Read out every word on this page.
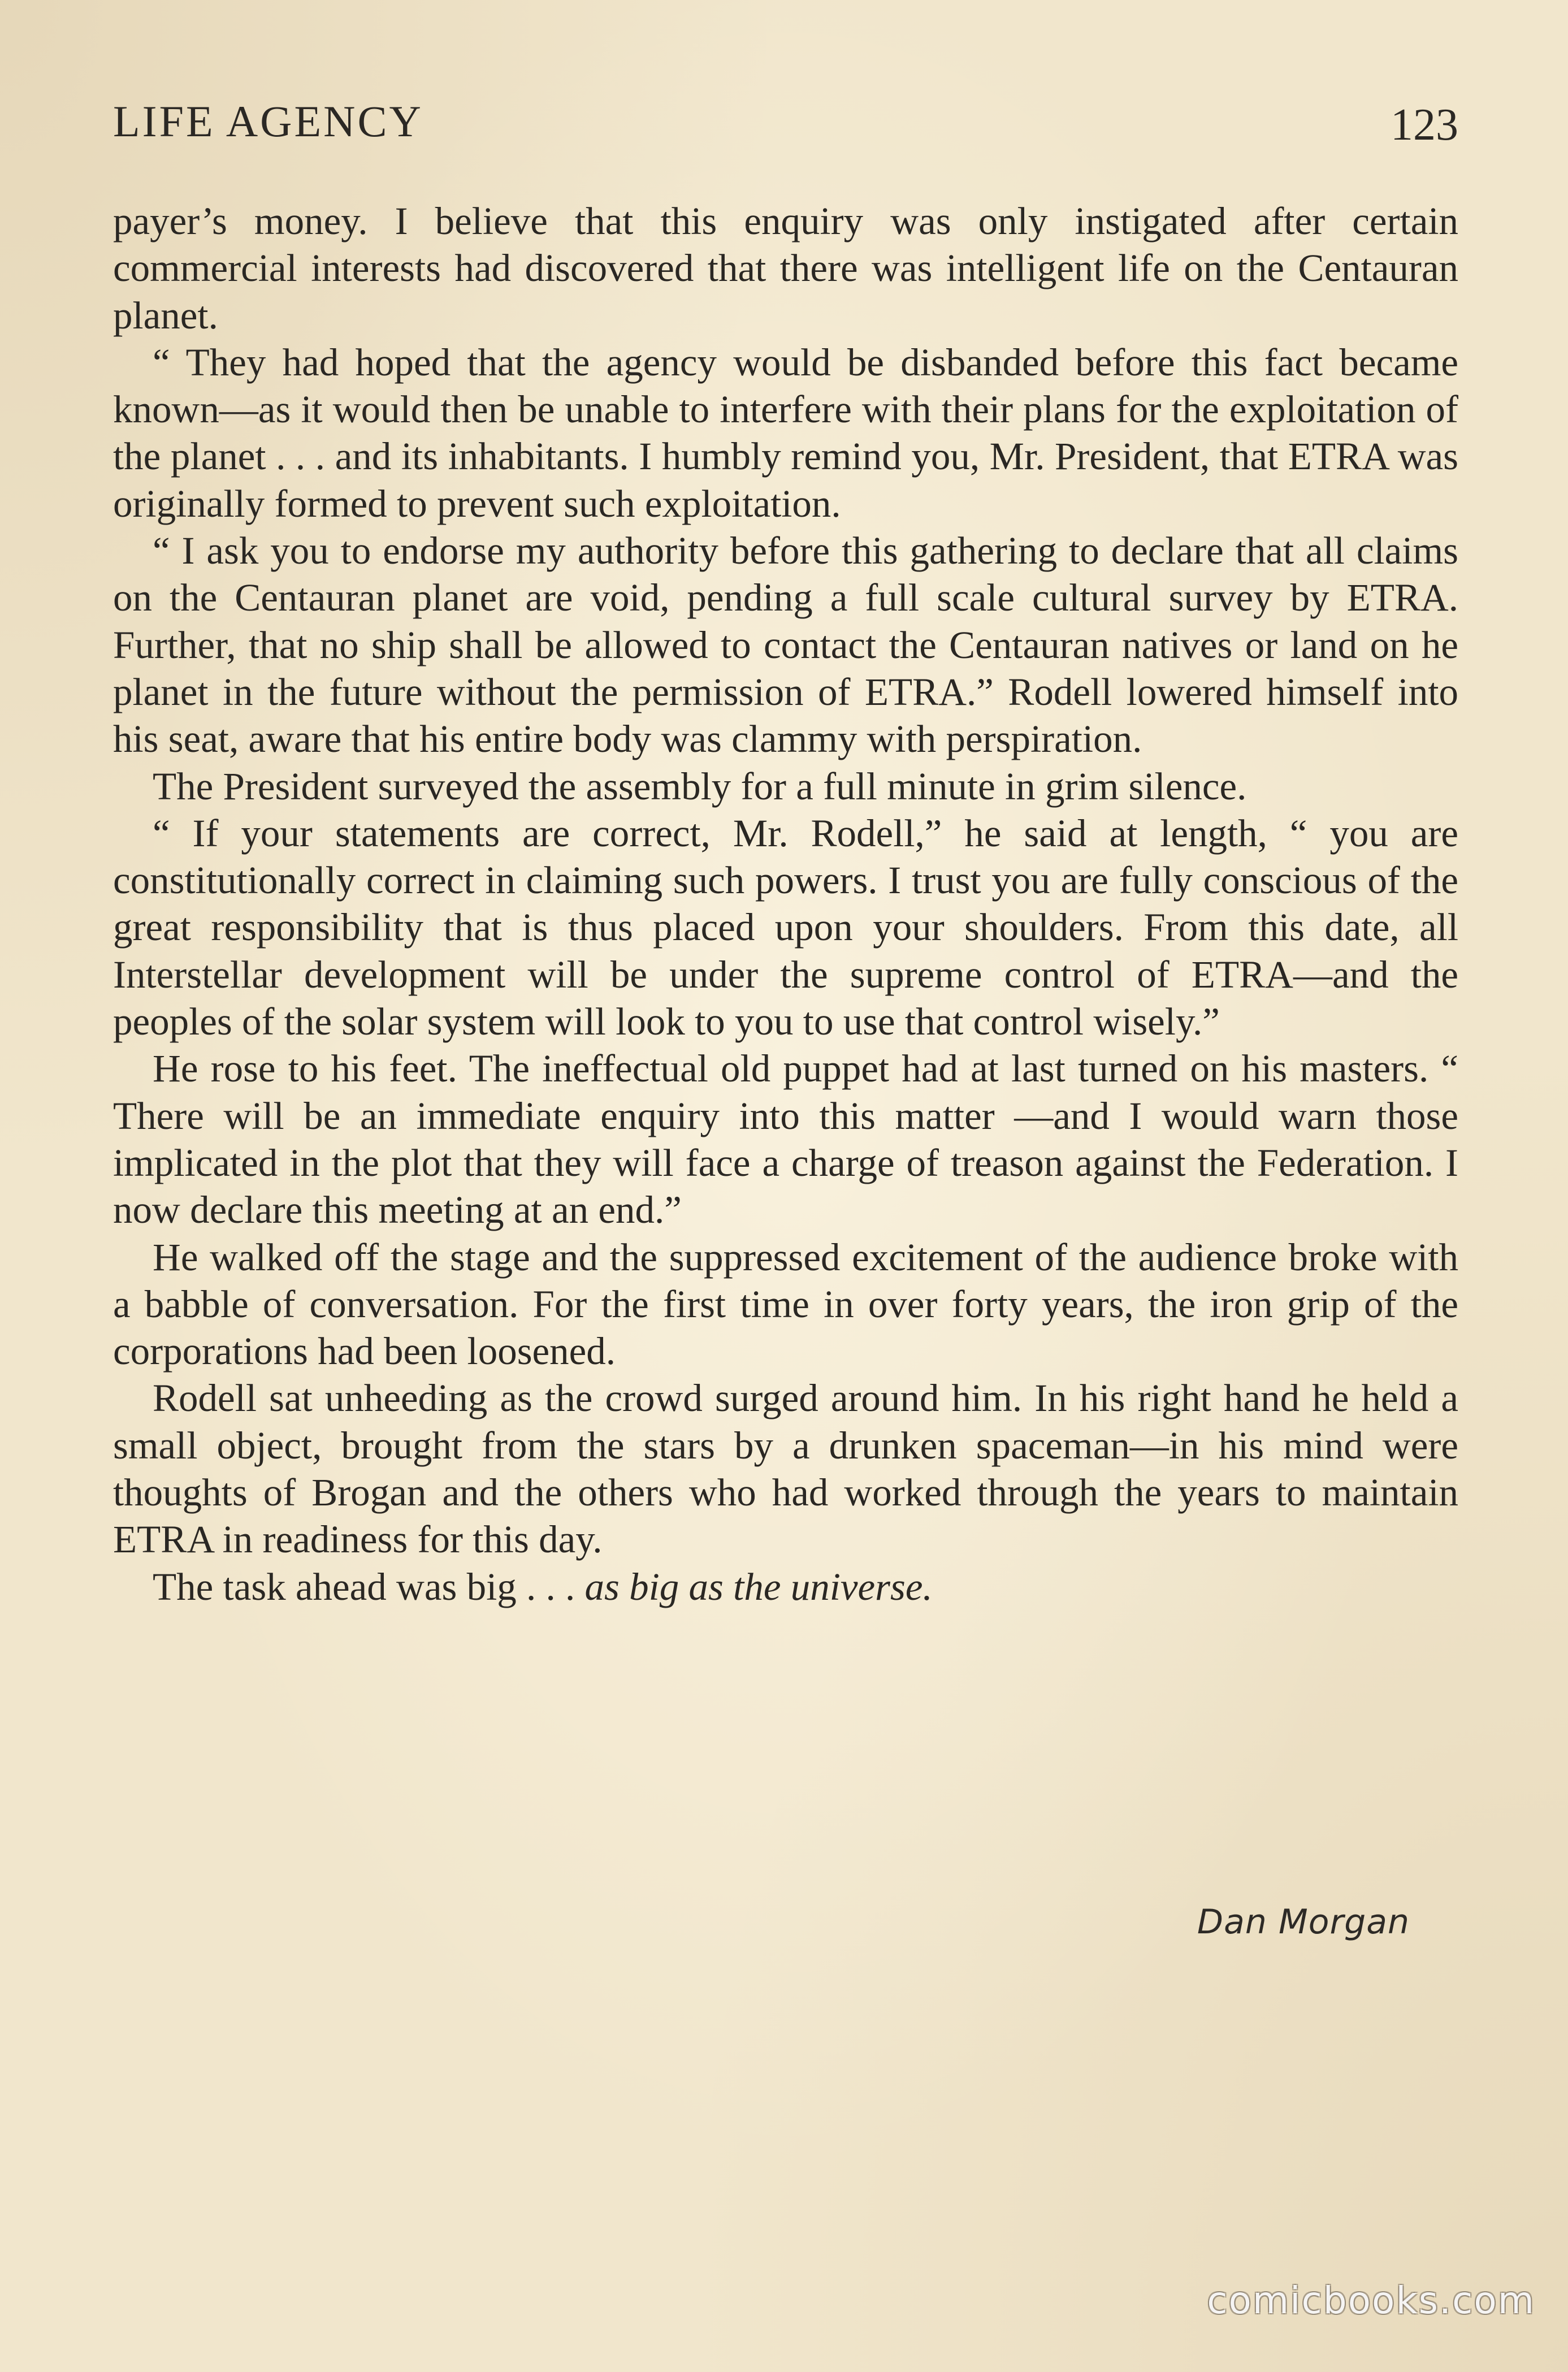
LIFE AGENCY	123

payer’s money. I believe that this enquiry was only instigated after certain commercial interests had discovered that there was intelligent life on the Centauran planet.

“ They had hoped that the agency would be disbanded before this fact became known—as it would then be unable to interfere with their plans for the exploitation of the planet . . . and its inhabitants. I humbly remind you, Mr. President, that ETRA was originally formed to prevent such exploitation.

“ I ask you to endorse my authority before this gathering to declare that all claims on the Centauran planet are void, pending a full scale cultural survey by ETRA. Further, that no ship shall be allowed to contact the Centauran natives or land on he planet in the future without the permission of ETRA.” Rodell lowered himself into his seat, aware that his entire body was clammy with perspiration.

The President surveyed the assembly for a full minute in grim silence.

“ If your statements are correct, Mr. Rodell,” he said at length, “ you are constitutionally correct in claiming such powers. I trust you are fully conscious of the great responsibility that is thus placed upon your shoulders. From this date, all Interstellar development will be under the supreme control of ETRA—and the peoples of the solar system will look to you to use that control wisely.”

He rose to his feet. The ineffectual old puppet had at last turned on his masters. “ There will be an immediate enquiry into this matter —and I would warn those implicated in the plot that they will face a charge of treason against the Federation. I now declare this meeting at an end.”

He walked off the stage and the suppressed excitement of the audience broke with a babble of conversation. For the first time in over forty years, the iron grip of the corporations had been loosened.

Rodell sat unheeding as the crowd surged around him. In his right hand he held a small object, brought from the stars by a drunken spaceman—in his mind were thoughts of Brogan and the others who had worked through the years to maintain ETRA in readiness for this day.

The task ahead was big . . . as big as the universe.

Dan Morgan
comicbooks.com
